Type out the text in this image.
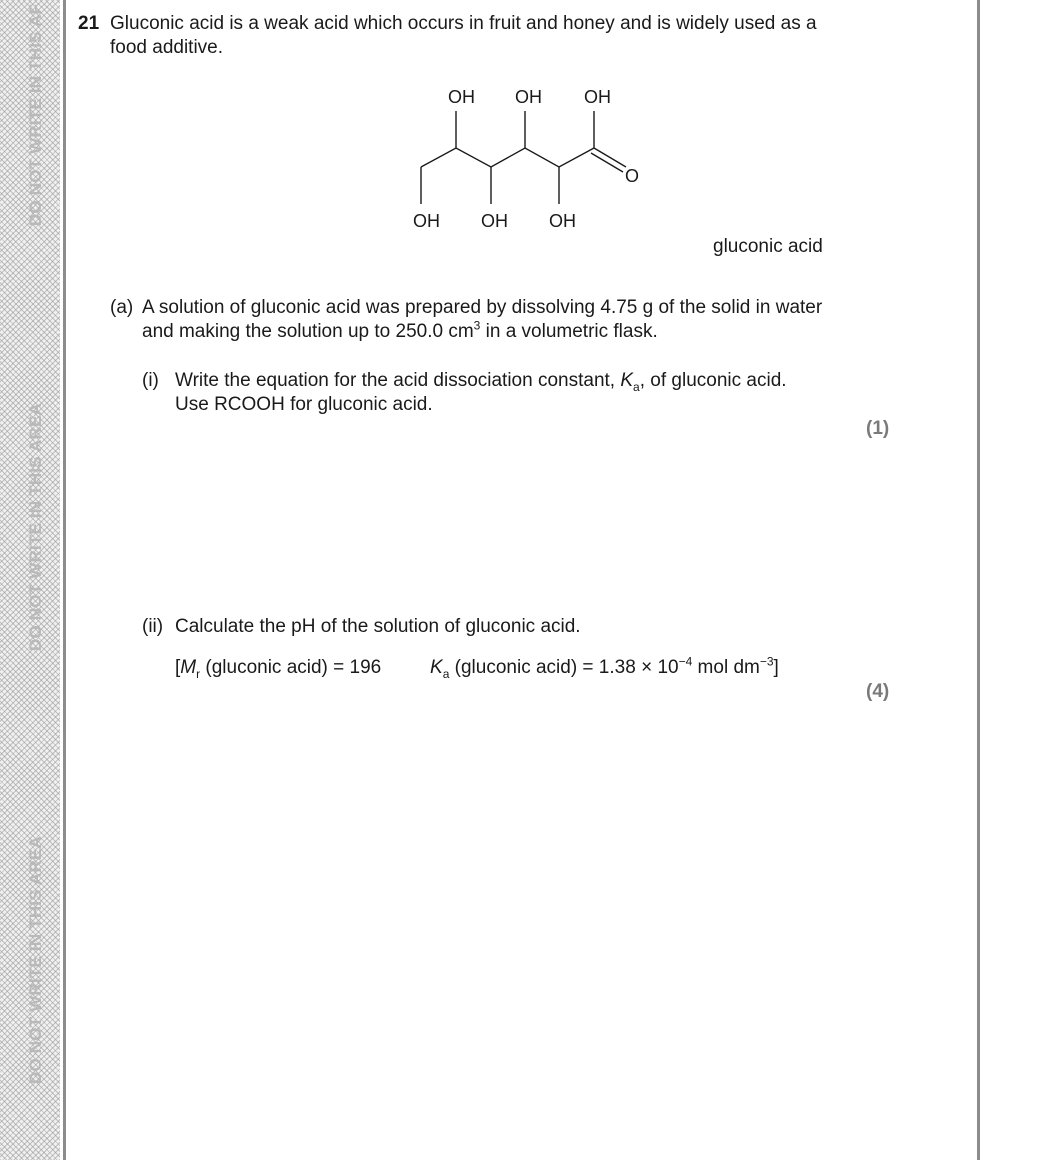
DO NOT WRITE IN THIS AF
DO NOT WRITE IN THIS AREA
DO NOT WRITE IN THIS AREA
21 Gluconic acid is a weak acid which occurs in fruit and honey and is widely used as a
food additive.
OH OH OH
OH OH OH
O
gluconic acid
(a) A solution of gluconic acid was prepared by dissolving 4.75 g of the solid in water
and making the solution up to 250.0 $cm^3$ in a volumetric flask.
(i) Write the equation for the acid dissociation constant, $K_a$, of gluconic acid.
Use RCOOH for gluconic acid.
(1)
(ii) Calculate the pH of the solution of gluconic acid.
[$M_r$ (gluconic acid) = 196	$K_a$ (gluconic acid) = $1.38 \times 10^{-4}$ mol $dm^{-3}$]
(4)
